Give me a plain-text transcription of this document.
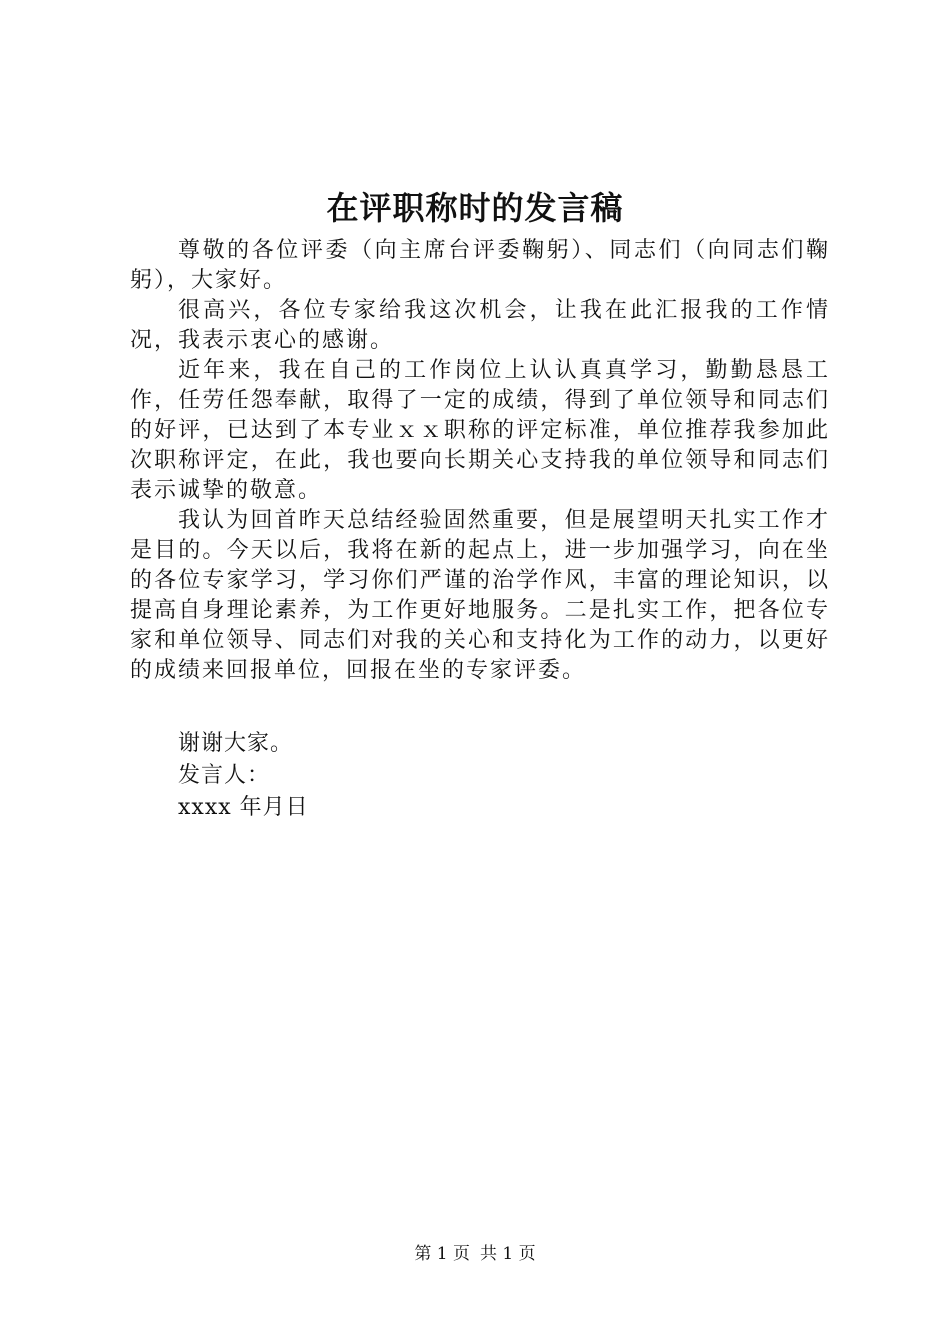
在评职称时的发言稿

尊敬的各位评委（向主席台评委鞠躬）、同志们（向同志们鞠躬），大家好。

很高兴，各位专家给我这次机会，让我在此汇报我的工作情况，我表示衷心的感谢。

近年来，我在自己的工作岗位上认认真真学习，勤勤恳恳工作，任劳任怨奉献，取得了一定的成绩，得到了单位领导和同志们的好评，已达到了本专业ｘｘ职称的评定标准，单位推荐我参加此次职称评定，在此，我也要向长期关心支持我的单位领导和同志们表示诚挚的敬意。

我认为回首昨天总结经验固然重要，但是展望明天扎实工作才是目的。今天以后，我将在新的起点上，进一步加强学习，向在坐的各位专家学习，学习你们严谨的治学作风，丰富的理论知识，以提高自身理论素养，为工作更好地服务。二是扎实工作，把各位专家和单位领导、同志们对我的关心和支持化为工作的动力，以更好的成绩来回报单位，回报在坐的专家评委。

谢谢大家。
发言人：
xxxx 年月日
第 1 页 共 1 页
